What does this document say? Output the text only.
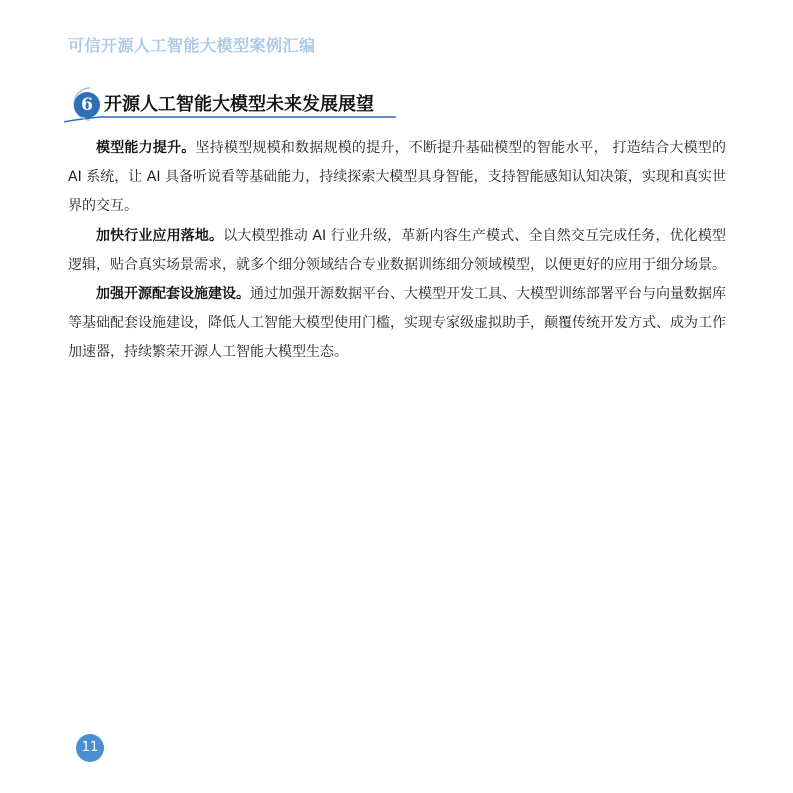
可信开源人工智能大模型案例汇编
6 开源人工智能大模型未来发展展望

模型能力提升。坚持模型规模和数据规模的提升，不断提升基础模型的智能水平， 打造结合大模型的 AI 系统，让 AI 具备听说看等基础能力，持续探索大模型具身智能，支持智能感知认知决策，实现和真实世界的交互。

加快行业应用落地。以大模型推动 AI 行业升级，革新内容生产模式、全自然交互完成任务，优化模型逻辑，贴合真实场景需求，就多个细分领域结合专业数据训练细分领域模型，以便更好的应用于细分场景。

加强开源配套设施建设。通过加强开源数据平台、大模型开发工具、大模型训练部署平台与向量数据库等基础配套设施建设，降低人工智能大模型使用门槛，实现专家级虚拟助手，颠覆传统开发方式、成为工作加速器，持续繁荣开源人工智能大模型生态。

11
